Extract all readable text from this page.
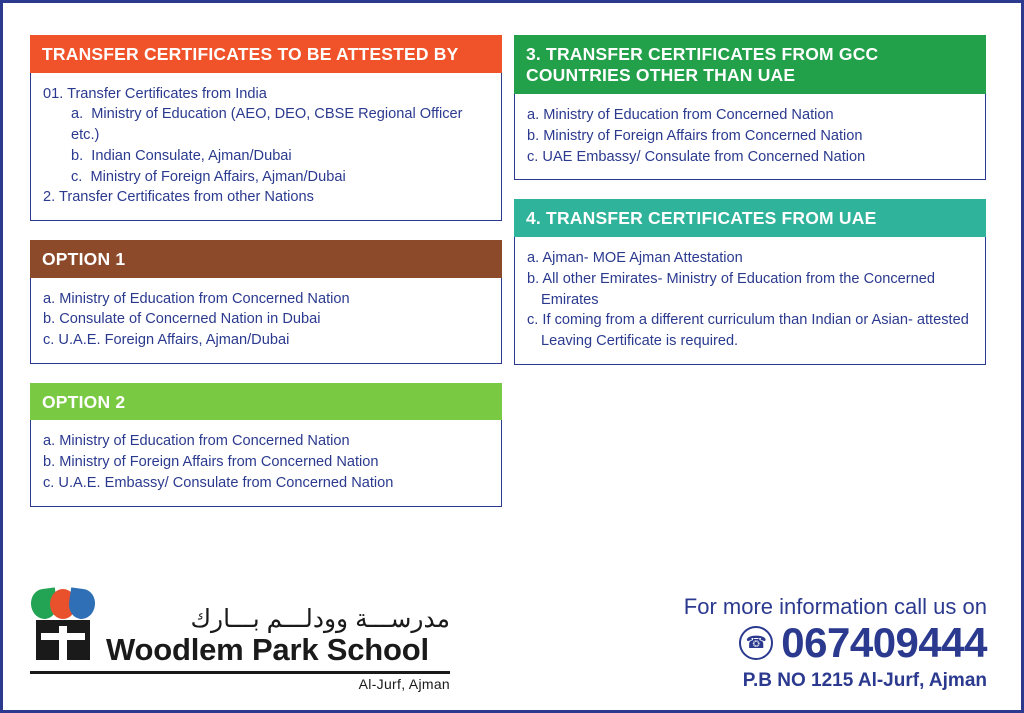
TRANSFER CERTIFICATES TO BE ATTESTED BY
01. Transfer Certificates from India
a.  Ministry of Education (AEO, DEO, CBSE Regional Officer etc.)
b.  Indian Consulate, Ajman/Dubai
c.  Ministry of Foreign Affairs, Ajman/Dubai
2. Transfer Certificates from other Nations
OPTION 1
a. Ministry of Education from Concerned Nation
b. Consulate of Concerned Nation in Dubai
c. U.A.E. Foreign Affairs, Ajman/Dubai
OPTION 2
a. Ministry of Education from Concerned Nation
b. Ministry of Foreign Affairs from Concerned Nation
c. U.A.E. Embassy/ Consulate from Concerned Nation
3. TRANSFER CERTIFICATES FROM GCC COUNTRIES OTHER THAN UAE
a. Ministry of Education from Concerned Nation
b. Ministry of Foreign Affairs from Concerned Nation
c. UAE Embassy/ Consulate from Concerned Nation
4. TRANSFER CERTIFICATES FROM UAE
a. Ajman- MOE Ajman Attestation
b. All other Emirates- Ministry of Education from the Concerned Emirates
c. If coming from a different curriculum than Indian or Asian- attested Leaving Certificate is required.
مدرســـة وودلـــم بـــارك
Woodlem Park School
Al-Jurf, Ajman
For more information call us on
☎ 067409444
P.B NO 1215 Al-Jurf, Ajman
